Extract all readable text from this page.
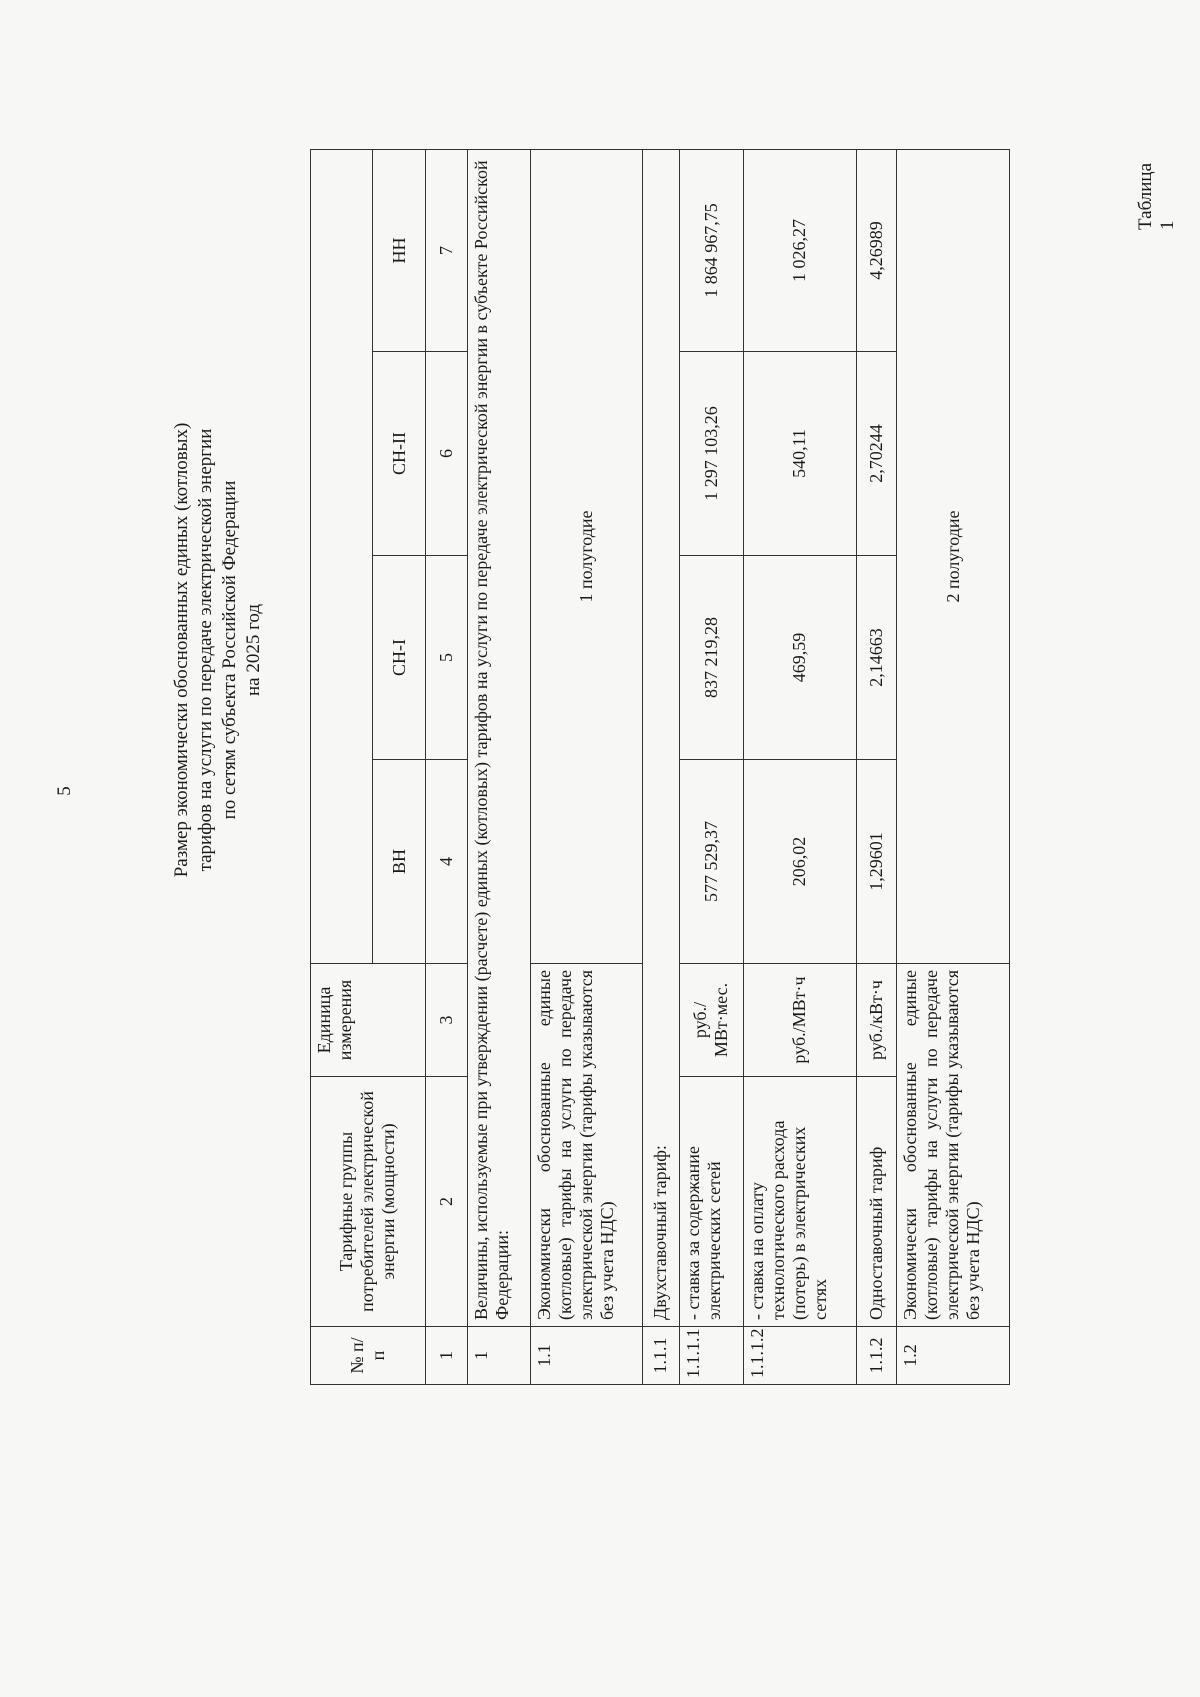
5
Таблица 1
Размер экономически обоснованных единых (котловых) тарифов на услуги по передаче электрической энергии по сетям субъекта Российской Федерации на 2025 год
№ п/п	Тарифные группы потребителей электрической энергии (мощности)	Единица измерения				
			ВН	СН-I	СН-II	НН
1	2	3	4	5	6	7
1	Величины, используемые при утверждении (расчете) единых (котловых) тарифов на услуги по передаче электрической энергии в субъекте Российской Федерации:					
1.1	Экономически обоснованные единые (котловые) тарифы на услуги по передаче электрической энергии (тарифы указываются без учета НДС)		1 полугодие			
1.1.1	Двухставочный тариф:					
1.1.1.1	- ставка за содержание электрических сетей	руб./ МВт·мес.	577 529,37	837 219,28	1 297 103,26	1 864 967,75
1.1.1.2	- ставка на оплату технологического расхода (потерь) в электрических сетях	руб./МВт·ч	206,02	469,59	540,11	1 026,27
1.1.2	Одноставочный тариф	руб./кВт·ч	1,29601	2,14663	2,70244	4,26989
1.2	Экономически обоснованные единые (котловые) тарифы на услуги по передаче электрической энергии (тарифы указываются без учета НДС)		2 полугодие			
